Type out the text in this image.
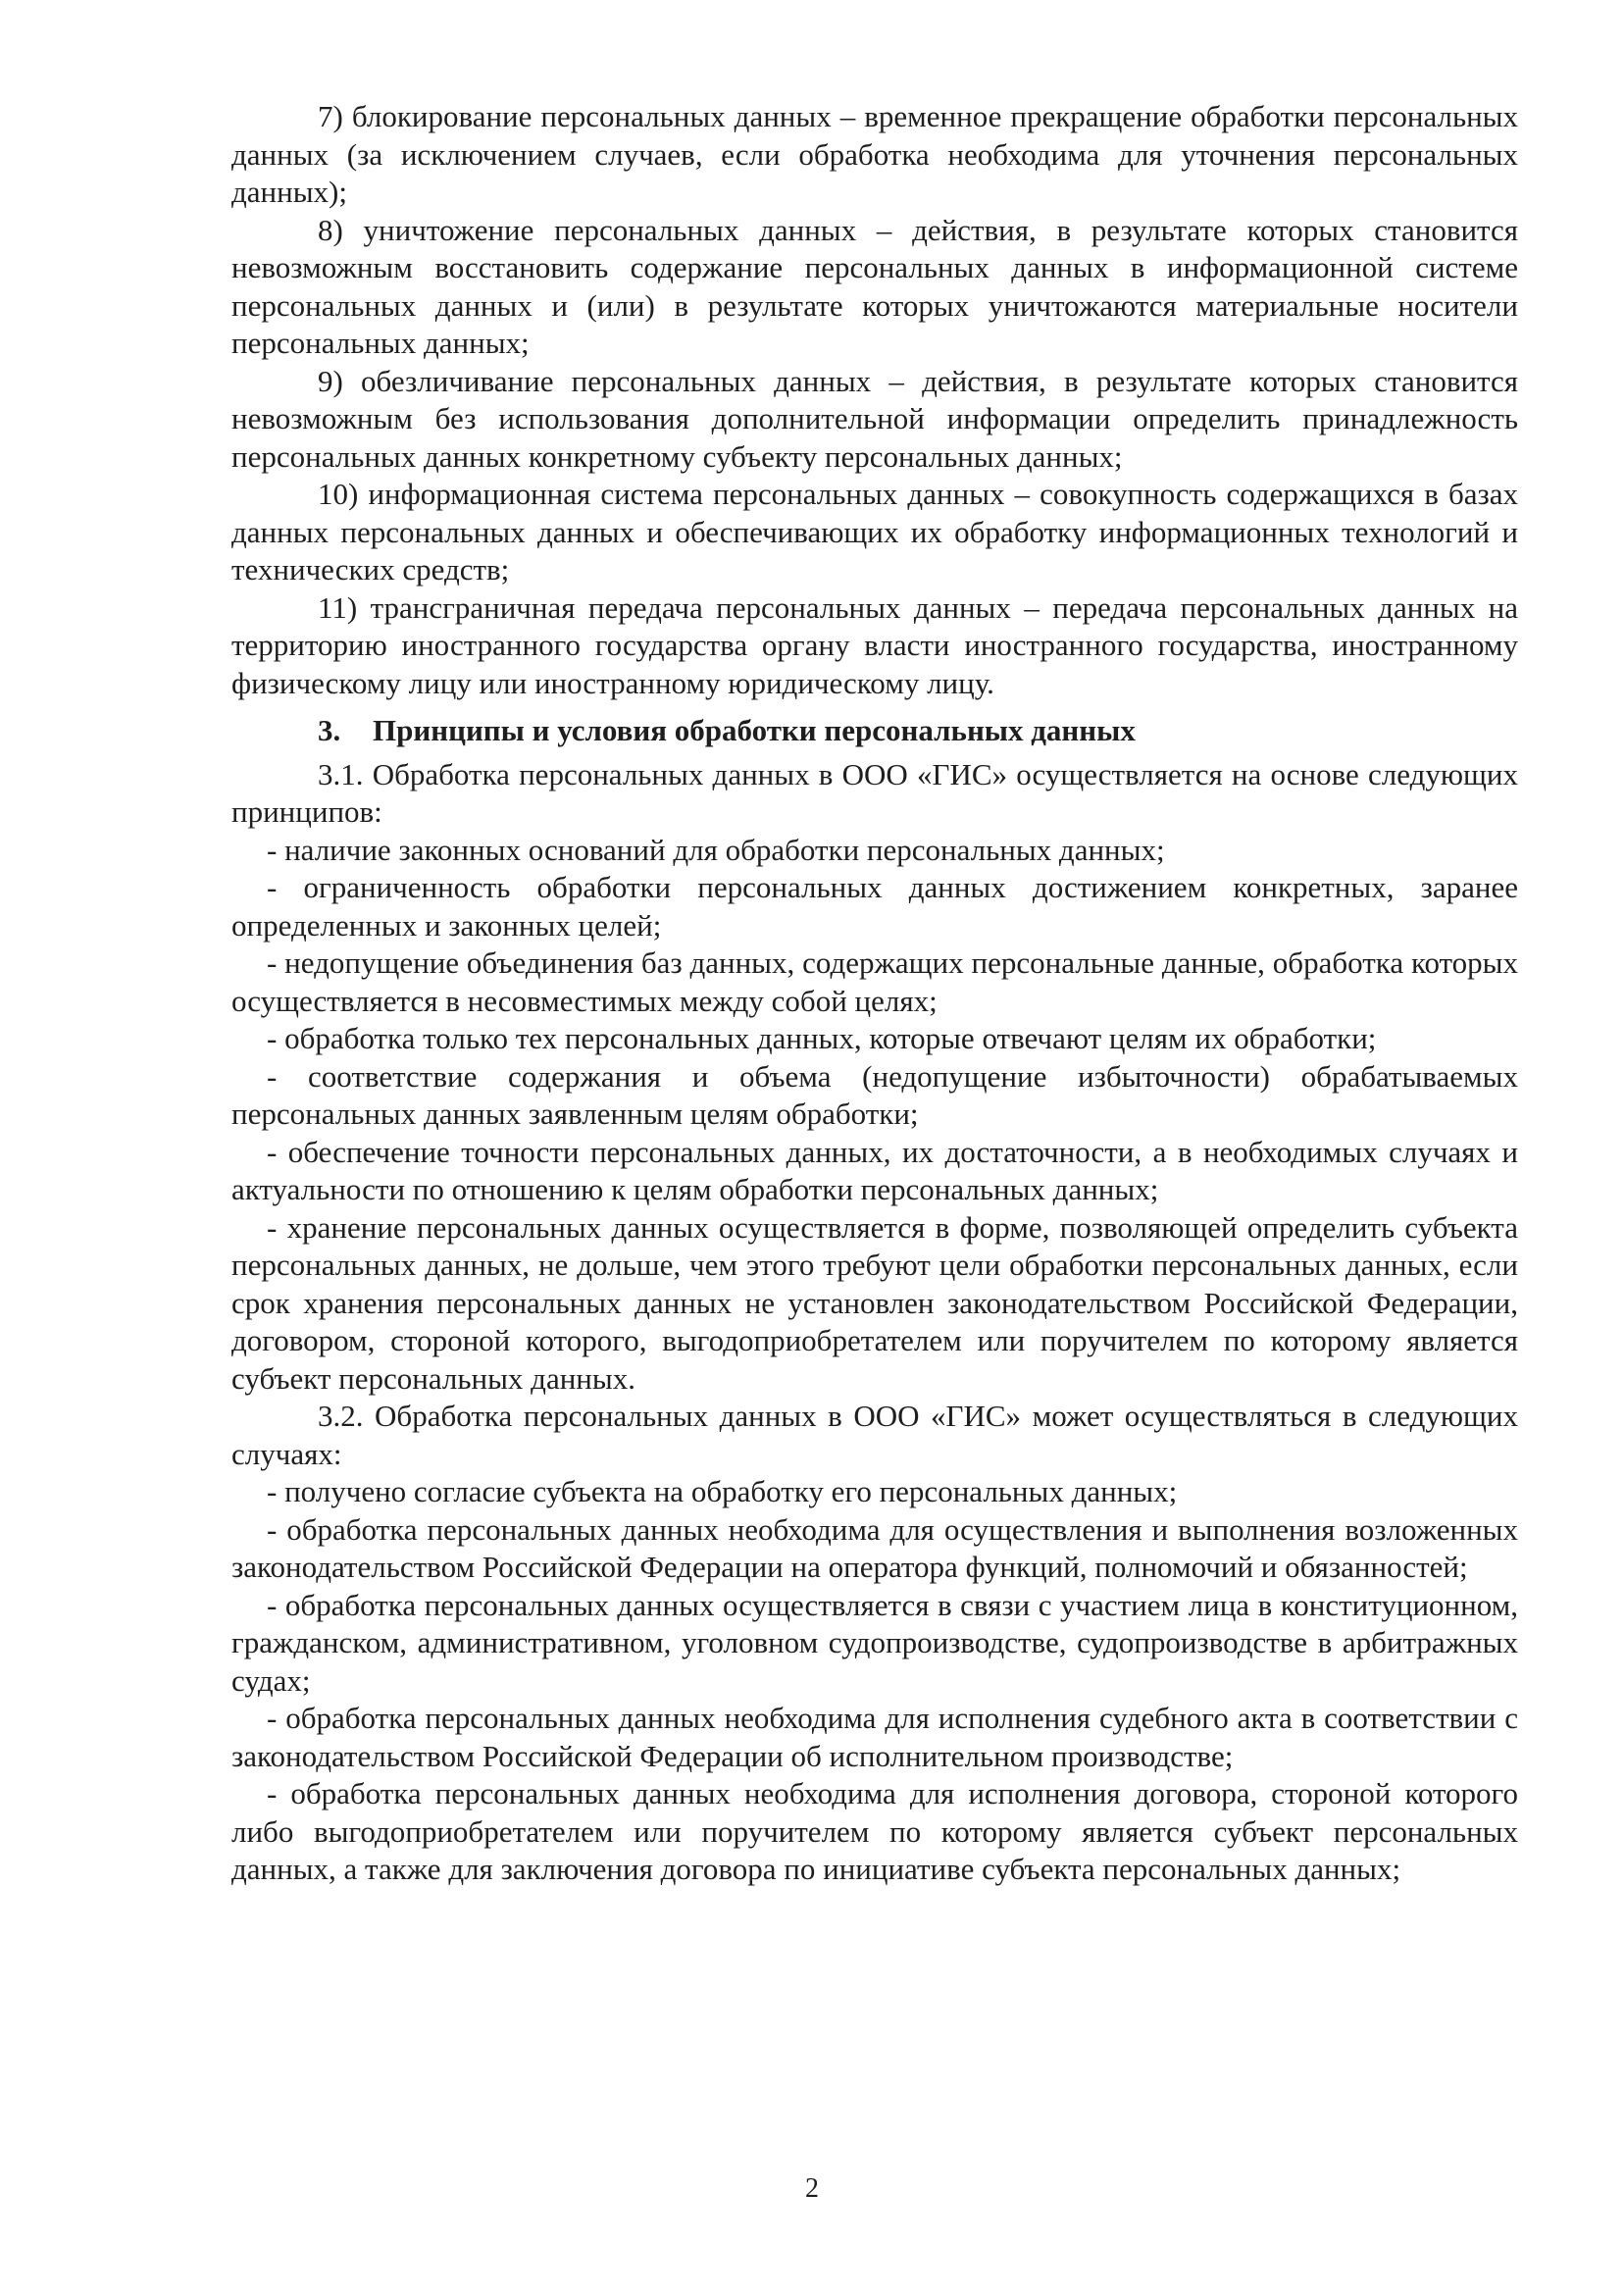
7) блокирование персональных данных – временное прекращение обработки персональных данных (за исключением случаев, если обработка необходима для уточнения персональных данных);

8) уничтожение персональных данных – действия, в результате которых становится невозможным восстановить содержание персональных данных в информационной системе персональных данных и (или) в результате которых уничтожаются материальные носители персональных данных;

9) обезличивание персональных данных – действия, в результате которых становится невозможным без использования дополнительной информации определить принадлежность персональных данных конкретному субъекту персональных данных;

10) информационная система персональных данных – совокупность содержащихся в базах данных персональных данных и обеспечивающих их обработку информационных технологий и технических средств;

11) трансграничная передача персональных данных – передача персональных данных на территорию иностранного государства органу власти иностранного государства, иностранному физическому лицу или иностранному юридическому лицу.

3. Принципы и условия обработки персональных данных

3.1. Обработка персональных данных в ООО «ГИС» осуществляется на основе следующих принципов:

- наличие законных оснований для обработки персональных данных;

- ограниченность обработки персональных данных достижением конкретных, заранее определенных и законных целей;

- недопущение объединения баз данных, содержащих персональные данные, обработка которых осуществляется в несовместимых между собой целях;

- обработка только тех персональных данных, которые отвечают целям их обработки;

- соответствие содержания и объема (недопущение избыточности) обрабатываемых персональных данных заявленным целям обработки;

- обеспечение точности персональных данных, их достаточности, а в необходимых случаях и актуальности по отношению к целям обработки персональных данных;

- хранение персональных данных осуществляется в форме, позволяющей определить субъекта персональных данных, не дольше, чем этого требуют цели обработки персональных данных, если срок хранения персональных данных не установлен законодательством Российской Федерации, договором, стороной которого, выгодоприобретателем или поручителем по которому является субъект персональных данных.

3.2. Обработка персональных данных в ООО «ГИС» может осуществляться в следующих случаях:

- получено согласие субъекта на обработку его персональных данных;

- обработка персональных данных необходима для осуществления и выполнения возложенных законодательством Российской Федерации на оператора функций, полномочий и обязанностей;

- обработка персональных данных осуществляется в связи с участием лица в конституционном, гражданском, административном, уголовном судопроизводстве, судопроизводстве в арбитражных судах;

- обработка персональных данных необходима для исполнения судебного акта в соответствии с законодательством Российской Федерации об исполнительном производстве;

- обработка персональных данных необходима для исполнения договора, стороной которого либо выгодоприобретателем или поручителем по которому является субъект персональных данных, а также для заключения договора по инициативе субъекта персональных данных;

2
